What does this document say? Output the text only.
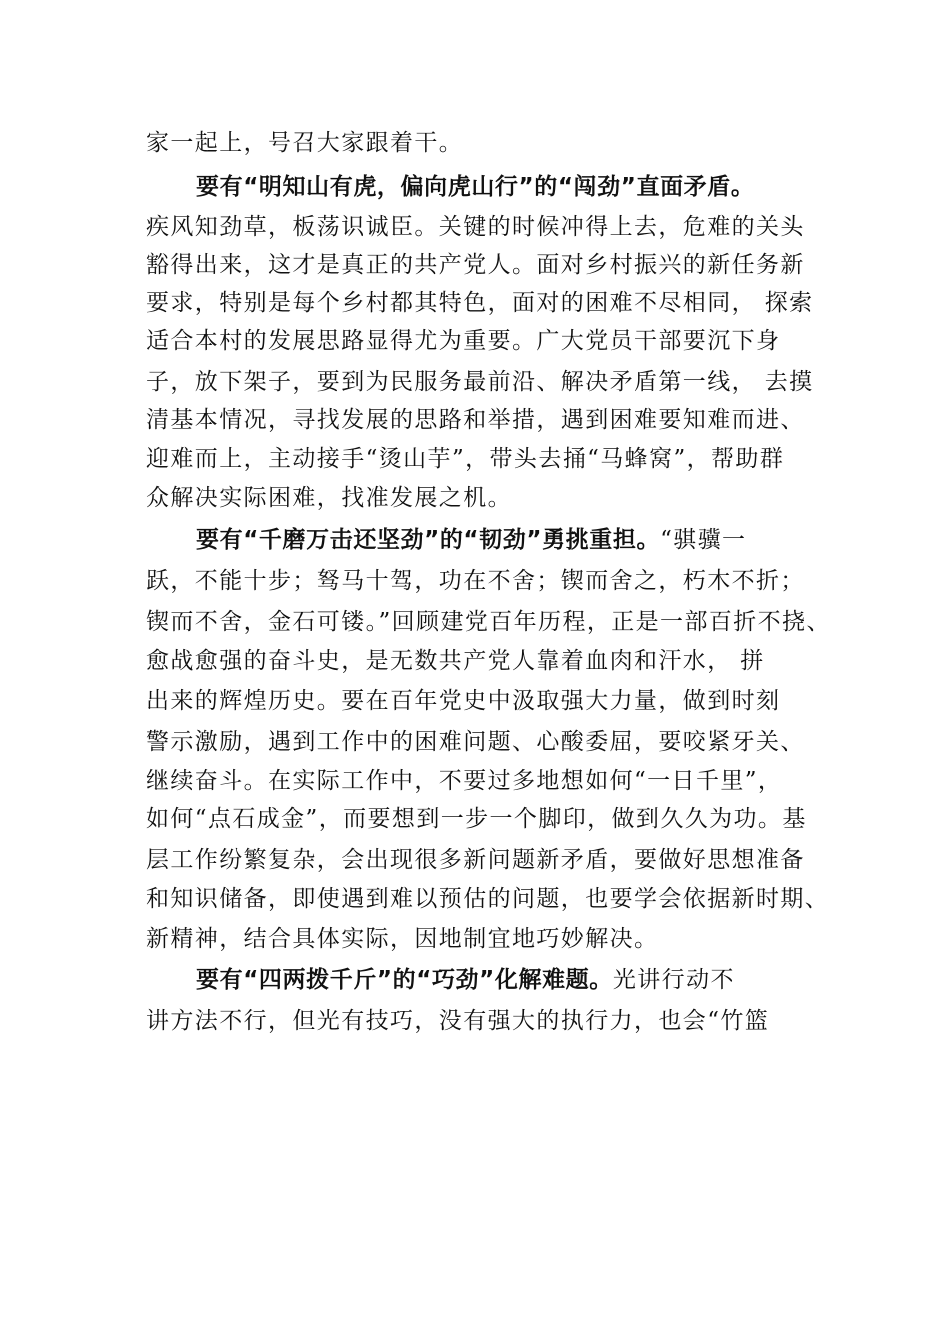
家一起上，号召大家跟着干。
要有“明知山有虎，偏向虎山行”的“闯劲”直面矛盾。
疾风知劲草，板荡识诚臣。关键的时候冲得上去，危难的关头
豁得出来，这才是真正的共产党人。面对乡村振兴的新任务新
要求，特别是每个乡村都其特色，面对的困难不尽相同， 探索
适合本村的发展思路显得尤为重要。广大党员干部要沉下身
子，放下架子，要到为民服务最前沿、解决矛盾第一线， 去摸
清基本情况，寻找发展的思路和举措，遇到困难要知难而进、
迎难而上，主动接手“烫山芋”，带头去捅“马蜂窝”，帮助群
众解决实际困难，找准发展之机。
要有“千磨万击还坚劲”的“韧劲”勇挑重担。“骐骥一
跃，不能十步；驽马十驾，功在不舍；锲而舍之，朽木不折；
锲而不舍，金石可镂。”回顾建党百年历程，正是一部百折不挠、
愈战愈强的奋斗史，是无数共产党人靠着血肉和汗水， 拼
出来的辉煌历史。要在百年党史中汲取强大力量，做到时刻
警示激励，遇到工作中的困难问题、心酸委屈，要咬紧牙关、
继续奋斗。在实际工作中，不要过多地想如何“一日千里”，
如何“点石成金”，而要想到一步一个脚印，做到久久为功。基
层工作纷繁复杂，会出现很多新问题新矛盾，要做好思想准备
和知识储备，即使遇到难以预估的问题，也要学会依据新时期、
新精神，结合具体实际，因地制宜地巧妙解决。
要有“四两拨千斤”的“巧劲”化解难题。光讲行动不
讲方法不行，但光有技巧，没有强大的执行力，也会“竹篮
